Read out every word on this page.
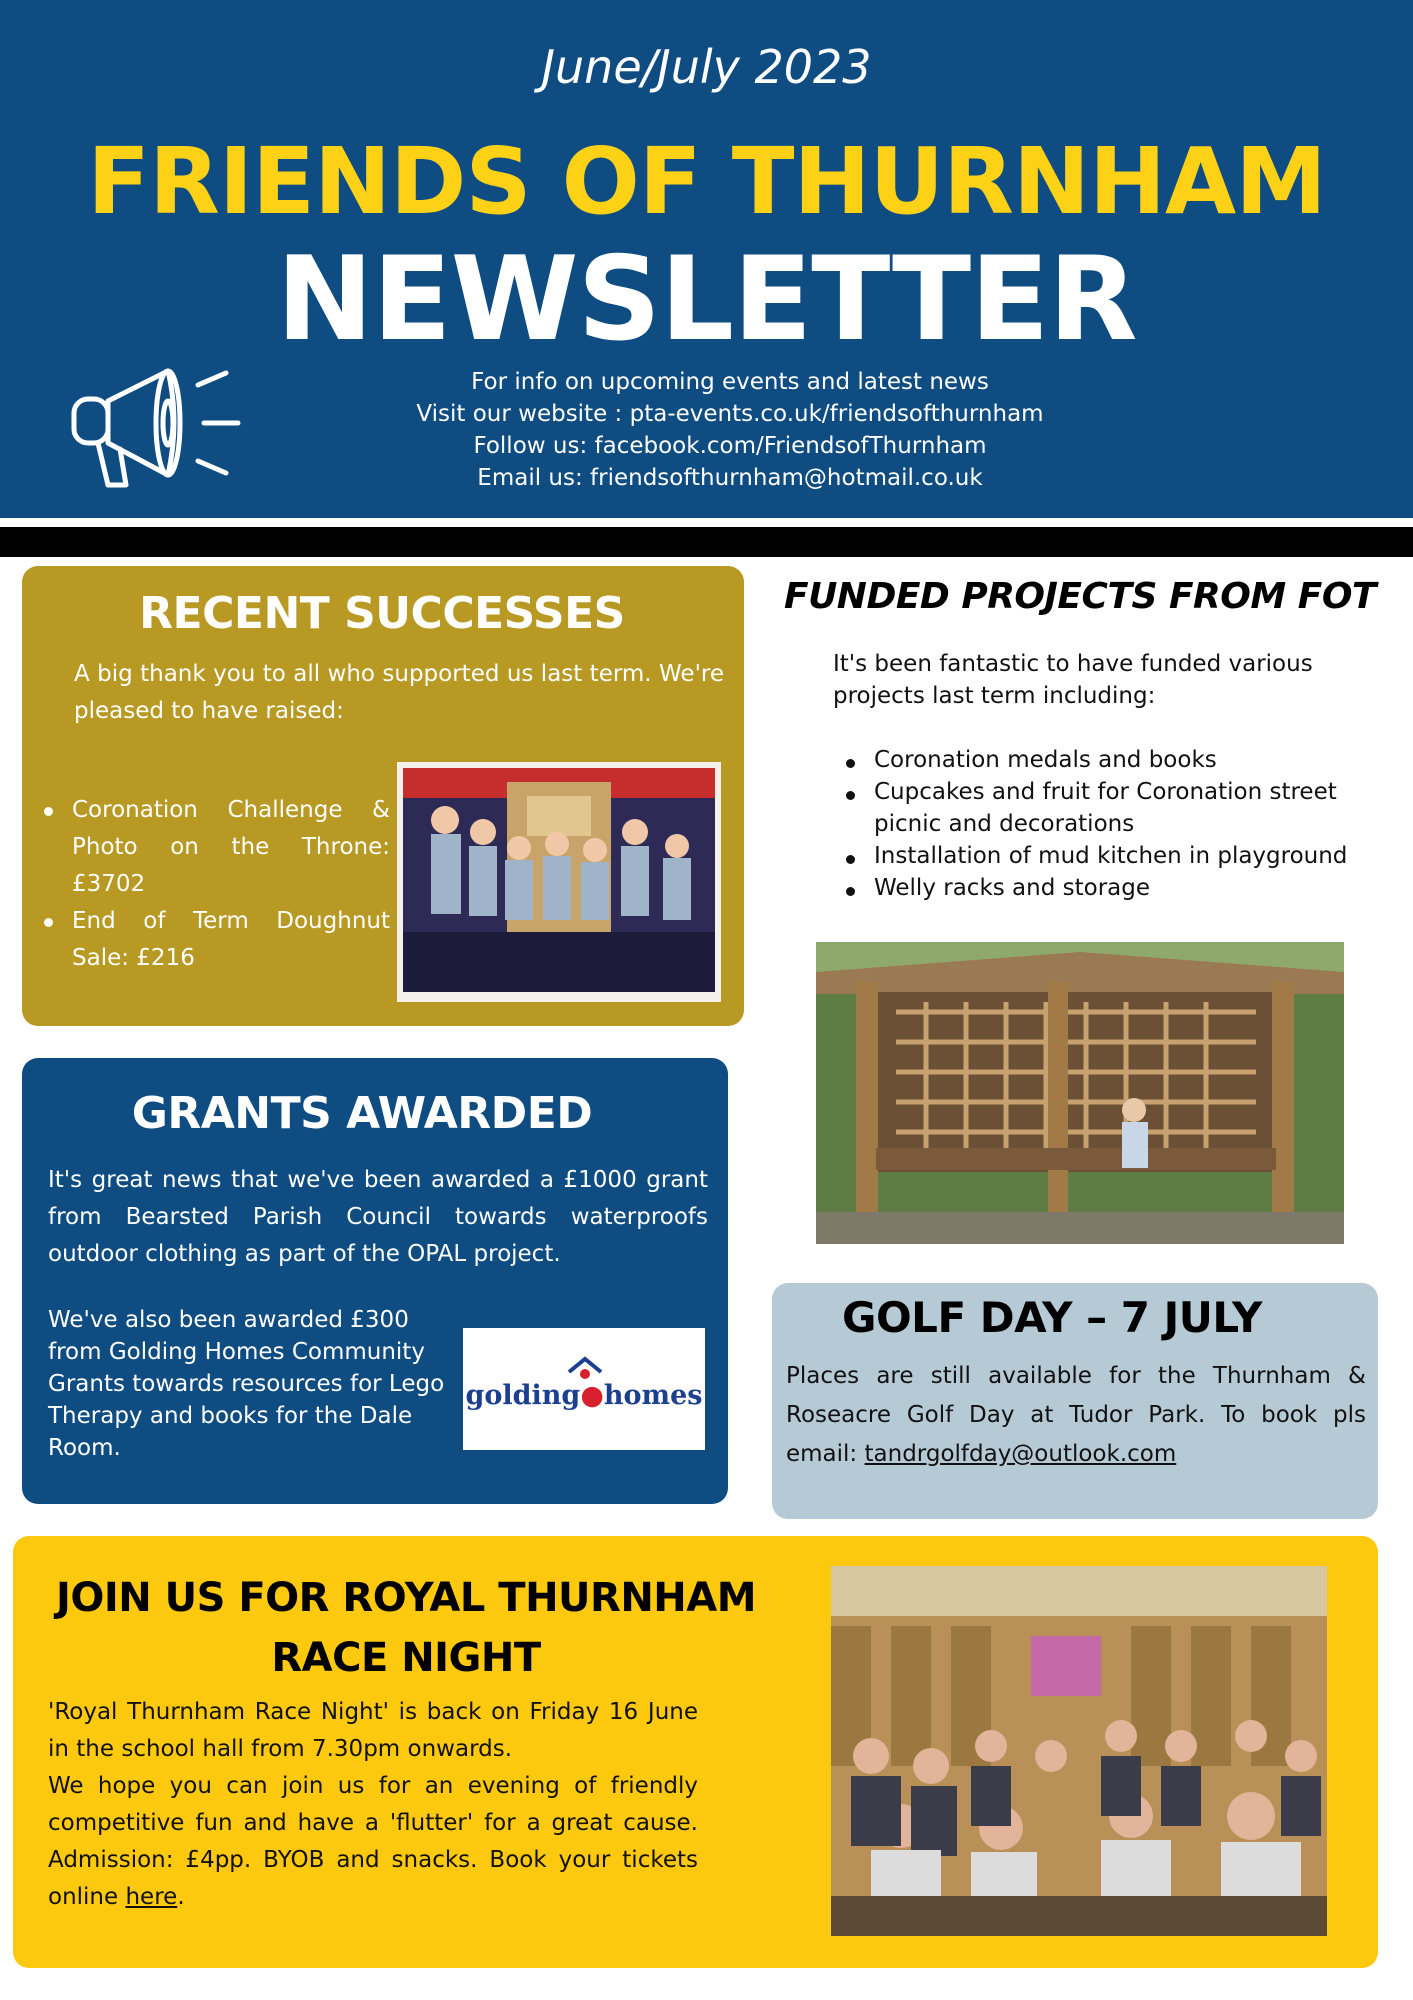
June/July 2023
FRIENDS OF THURNHAM
NEWSLETTER
For info on upcoming events and latest news
Visit our website : pta-events.co.uk/friendsofthurnham
Follow us: facebook.com/FriendsofThurnham
Email us: friendsofthurnham@hotmail.co.uk
RECENT SUCCESSES
A big thank you to all who supported us last term. We're pleased to have raised:
Coronation Challenge & Photo on the Throne: £3702
End of Term Doughnut Sale: £216
FUNDED PROJECTS FROM FOT
It's been fantastic to have funded various projects last term including:
Coronation medals and books
Cupcakes and fruit for Coronation street picnic and decorations
Installation of mud kitchen in playground
Welly racks and storage
GRANTS AWARDED
It's great news that we've been awarded a £1000 grant from Bearsted Parish Council towards waterproofs outdoor clothing as part of the OPAL project.
We've also been awarded £300 from Golding Homes Community Grants towards resources for Lego Therapy and books for the Dale Room.
golding●homes
GOLF DAY – 7 JULY
Places are still available for the Thurnham & Roseacre Golf Day at Tudor Park. To book pls email: tandrgolfday@outlook.com
JOIN US FOR ROYAL THURNHAM
RACE NIGHT
'Royal Thurnham Race Night' is back on Friday 16 June in the school hall from 7.30pm onwards.
We hope you can join us for an evening of friendly competitive fun and have a 'flutter' for a great cause. Admission: £4pp. BYOB and snacks. Book your tickets online here.
